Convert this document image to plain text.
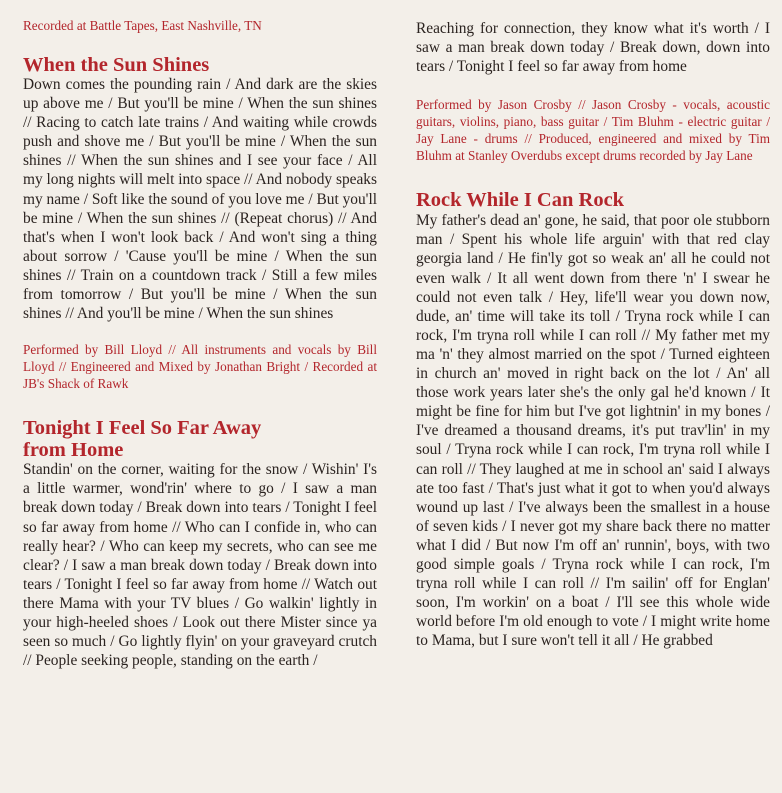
Recorded at Battle Tapes, East Nashville, TN

When the Sun Shines

Down comes the pounding rain / And dark are the skies up above me / But you'll be mine / When the sun shines // Racing to catch late trains / And waiting while crowds push and shove me / But you'll be mine / When the sun shines // When the sun shines and I see your face / All my long nights will melt into space // And nobody speaks my name / Soft like the sound of you love me / But you'll be mine / When the sun shines // (Repeat chorus) // And that's when I won't look back / And won't sing a thing about sorrow / 'Cause you'll be mine / When the sun shines // Train on a countdown track / Still a few miles from tomorrow / But you'll be mine / When the sun shines // And you'll be mine / When the sun shines

Performed by Bill Lloyd // All instruments and vocals by Bill Lloyd // Engineered and Mixed by Jonathan Bright / Recorded at JB's Shack of Rawk

Tonight I Feel So Far Away
from Home

Standin' on the corner, waiting for the snow / Wishin' I's a little warmer, wond'rin' where to go / I saw a man break down today / Break down into tears / Tonight I feel so far away from home // Who can I confide in, who can really hear? / Who can keep my secrets, who can see me clear? / I saw a man break down today / Break down into tears / Tonight I feel so far away from home // Watch out there Mama with your TV blues / Go walkin' lightly in your high-heeled shoes / Look out there Mister since ya seen so much / Go lightly flyin' on your graveyard crutch // People seeking people, standing on the earth /

Reaching for connection, they know what it's worth / I saw a man break down today / Break down, down into tears / Tonight I feel so far away from home

Performed by Jason Crosby // Jason Crosby - vocals, acoustic guitars, violins, piano, bass guitar / Tim Bluhm - electric guitar / Jay Lane - drums // Produced, engineered and mixed by Tim Bluhm at Stanley Overdubs except drums recorded by Jay Lane

Rock While I Can Rock

My father's dead an' gone, he said, that poor ole stubborn man / Spent his whole life arguin' with that red clay georgia land / He fin'ly got so weak an' all he could not even walk / It all went down from there 'n' I swear he could not even talk / Hey, life'll wear you down now, dude, an' time will take its toll / Tryna rock while I can rock, I'm tryna roll while I can roll // My father met my ma 'n' they almost married on the spot / Turned eighteen in church an' moved in right back on the lot / An' all those work years later she's the only gal he'd known / It might be fine for him but I've got lightnin' in my bones / I've dreamed a thousand dreams, it's put trav'lin' in my soul / Tryna rock while I can rock, I'm tryna roll while I can roll // They laughed at me in school an' said I always ate too fast / That's just what it got to when you'd always wound up last / I've always been the smallest in a house of seven kids / I never got my share back there no matter what I did / But now I'm off an' runnin', boys, with two good simple goals / Tryna rock while I can rock, I'm tryna roll while I can roll // I'm sailin' off for Englan' soon, I'm workin' on a boat / I'll see this whole wide world before I'm old enough to vote / I might write home to Mama, but I sure won't tell it all / He grabbed
